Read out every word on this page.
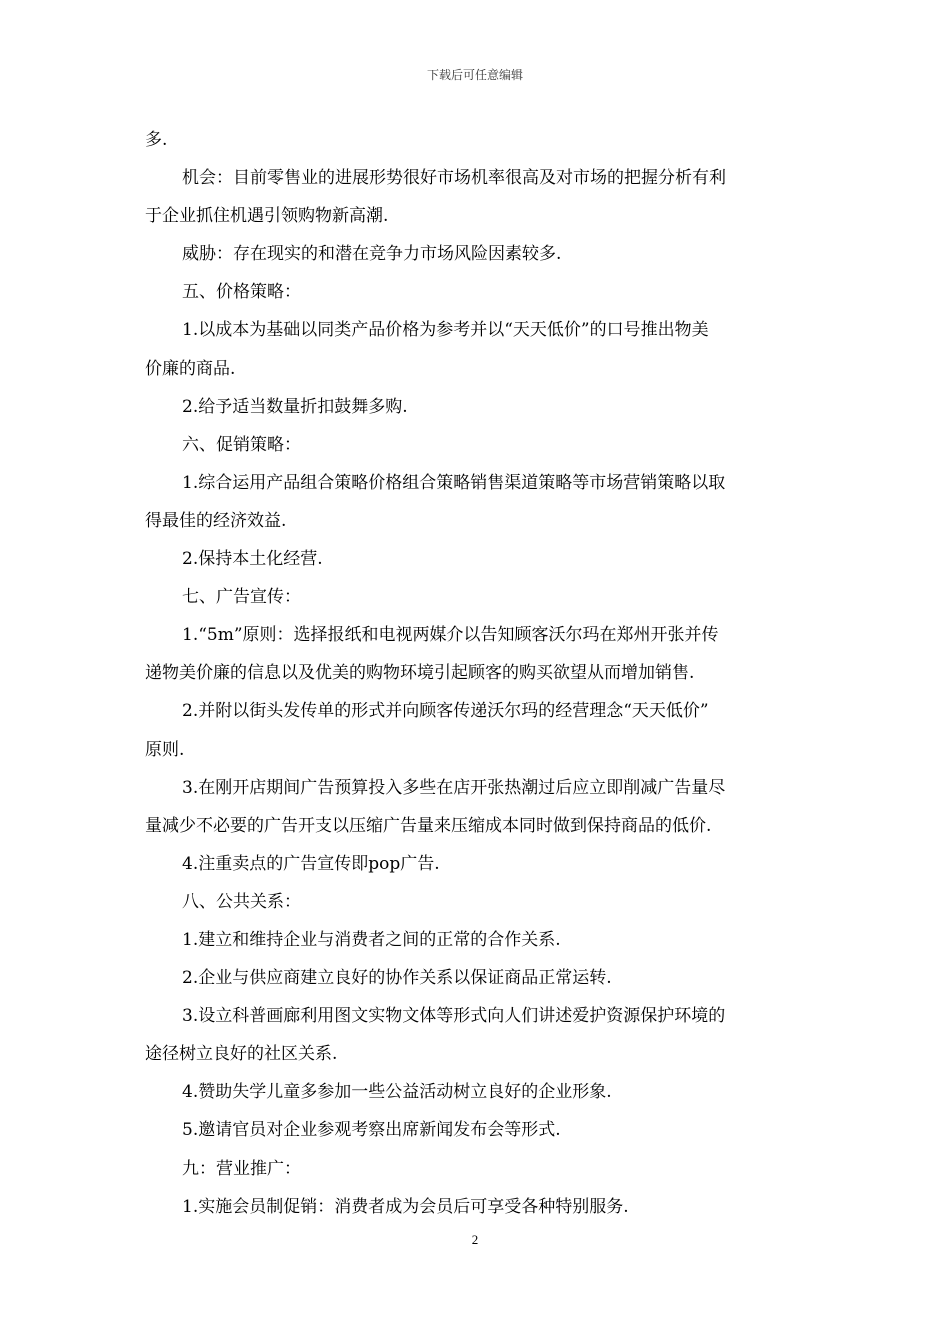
下载后可任意编辑
多.
机会：目前零售业的进展形势很好市场机率很高及对市场的把握分析有利
于企业抓住机遇引领购物新高潮.
威胁：存在现实的和潜在竞争力市场风险因素较多.
五、价格策略：
1.以成本为基础以同类产品价格为参考并以“天天低价”的口号推出物美
价廉的商品.
2.给予适当数量折扣鼓舞多购.
六、促销策略：
1.综合运用产品组合策略价格组合策略销售渠道策略等市场营销策略以取
得最佳的经济效益.
2.保持本土化经营.
七、广告宣传：
1.“5m”原则：选择报纸和电视两媒介以告知顾客沃尔玛在郑州开张并传
递物美价廉的信息以及优美的购物环境引起顾客的购买欲望从而增加销售.
2.并附以街头发传单的形式并向顾客传递沃尔玛的经营理念“天天低价”
原则.
3.在刚开店期间广告预算投入多些在店开张热潮过后应立即削减广告量尽
量减少不必要的广告开支以压缩广告量来压缩成本同时做到保持商品的低价.
4.注重卖点的广告宣传即pop广告.
八、公共关系：
1.建立和维持企业与消费者之间的正常的合作关系.
2.企业与供应商建立良好的协作关系以保证商品正常运转.
3.设立科普画廊利用图文实物文体等形式向人们讲述爱护资源保护环境的
途径树立良好的社区关系.
4.赞助失学儿童多参加一些公益活动树立良好的企业形象.
5.邀请官员对企业参观考察出席新闻发布会等形式.
九：营业推广：
1.实施会员制促销：消费者成为会员后可享受各种特别服务.
2
